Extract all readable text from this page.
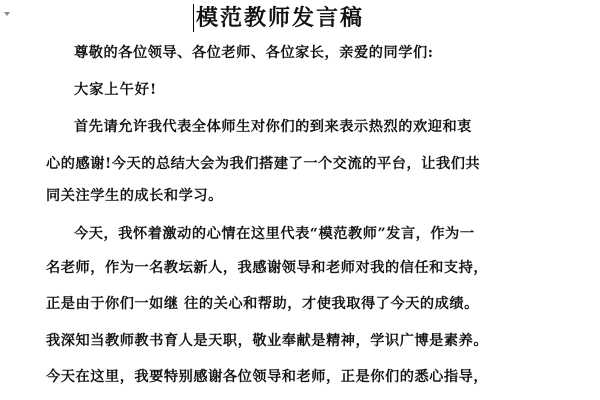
模范教师发言稿
尊敬的各位领导、各位老师、各位家长，亲爱的同学们:
大家上午好!
首先请允许我代表全体师生对你们的到来表示热烈的欢迎和衷
心的感谢!今天的总结大会为我们搭建了一个交流的平台，让我们共
同关注学生的成长和学习。
今天，我怀着激动的心情在这里代表“模范教师”发言，作为一
名老师，作为一名教坛新人，我感谢领导和老师对我的信任和支持，
正是由于你们一如继 往的关心和帮助，才使我取得了今天的成绩。
我深知当教师教书育人是天职，敬业奉献是精神，学识广博是素养。
今天在这里，我要特别感谢各位领导和老师，正是你们的悉心指导，
